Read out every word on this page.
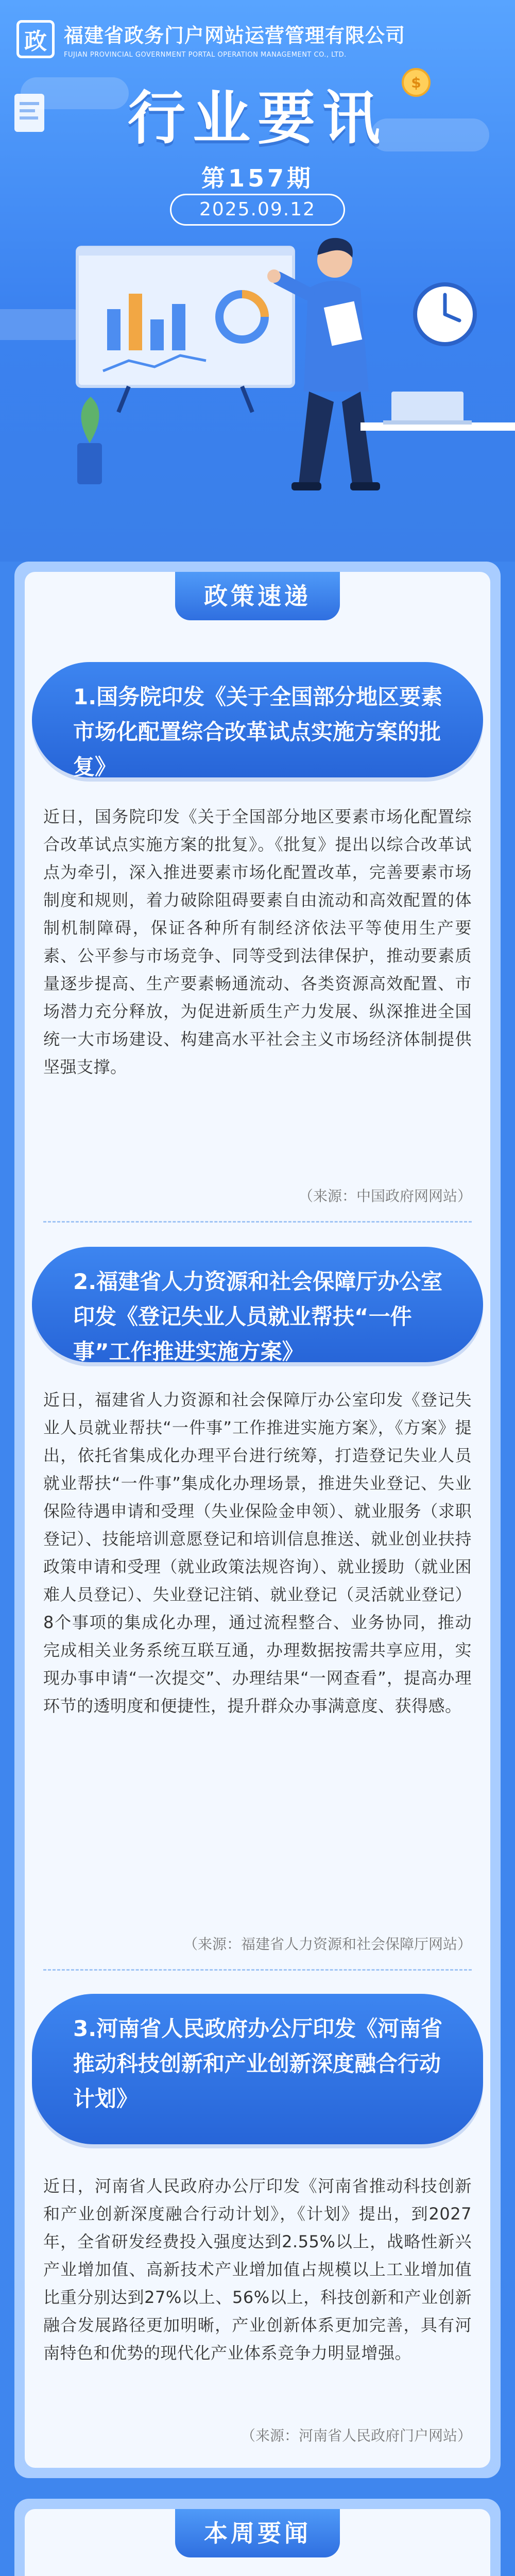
政 福建省政务门户网站运营管理有限公司
FUJIAN PROVINCIAL GOVERNMENT PORTAL OPERATION MANAGEMENT CO., LTD.
行业要讯
第157期
2025.09.12
$
政策速递
1.国务院印发《关于全国部分地区要素市场化配置综合改革试点实施方案的批复》
近日，国务院印发《关于全国部分地区要素市场化配置综合改革试点实施方案的批复》。《批复》提出以综合改革试点为牵引，深入推进要素市场化配置改革，完善要素市场制度和规则，着力破除阻碍要素自由流动和高效配置的体制机制障碍，保证各种所有制经济依法平等使用生产要素、公平参与市场竞争、同等受到法律保护，推动要素质量逐步提高、生产要素畅通流动、各类资源高效配置、市场潜力充分释放，为促进新质生产力发展、纵深推进全国统一大市场建设、构建高水平社会主义市场经济体制提供坚强支撑。
（来源：中国政府网网站）
2.福建省人力资源和社会保障厅办公室印发《登记失业人员就业帮扶“一件事”工作推进实施方案》
近日，福建省人力资源和社会保障厅办公室印发《登记失业人员就业帮扶“一件事”工作推进实施方案》，《方案》提出，依托省集成化办理平台进行统筹，打造登记失业人员就业帮扶“一件事”集成化办理场景，推进失业登记、失业保险待遇申请和受理（失业保险金申领）、就业服务（求职登记）、技能培训意愿登记和培训信息推送、就业创业扶持政策申请和受理（就业政策法规咨询）、就业援助（就业困难人员登记）、失业登记注销、就业登记（灵活就业登记）8个事项的集成化办理，通过流程整合、业务协同，推动完成相关业务系统互联互通，办理数据按需共享应用，实现办事申请“一次提交”、办理结果“一网查看”，提高办理环节的透明度和便捷性，提升群众办事满意度、获得感。
（来源：福建省人力资源和社会保障厅网站）
3.河南省人民政府办公厅印发《河南省推动科技创新和产业创新深度融合行动计划》
近日，河南省人民政府办公厅印发《河南省推动科技创新和产业创新深度融合行动计划》，《计划》提出，到2027年，全省研发经费投入强度达到2.55%以上，战略性新兴产业增加值、高新技术产业增加值占规模以上工业增加值比重分别达到27%以上、56%以上，科技创新和产业创新融合发展路径更加明晰，产业创新体系更加完善，具有河南特色和优势的现代化产业体系竞争力明显增强。
（来源：河南省人民政府门户网站）
本周要闻
